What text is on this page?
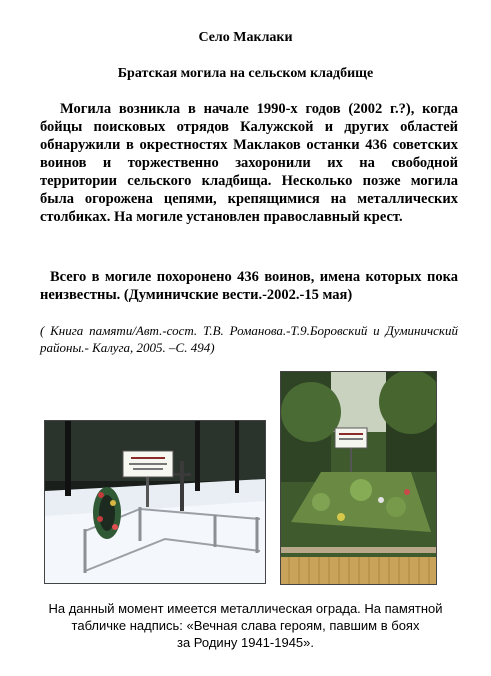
Село Маклаки
Братская могила на сельском кладбище
Могила возникла в начале 1990-х годов (2002 г.?), когда бойцы поисковых отрядов Калужской и других областей обнаружили в окрестностях Маклаков останки 436 советских воинов и торжественно захоронили их на свободной территории сельского кладбища. Несколько позже могила была огорожена цепями, крепящимися на металлических столбиках. На могиле установлен православный крест.
Всего в могиле похоронено 436 воинов, имена которых пока неизвестны. (Думиничские вести.-2002.-15 мая)
( Книга памяти/Авт.-сост. Т.В. Романова.-Т.9.Боровский и Думиничский районы.- Калуга, 2005. –С. 494)
На данный момент имеется металлическая ограда. На памятной
табличке надпись: «Вечная слава героям, павшим в боях
за Родину 1941-1945».
